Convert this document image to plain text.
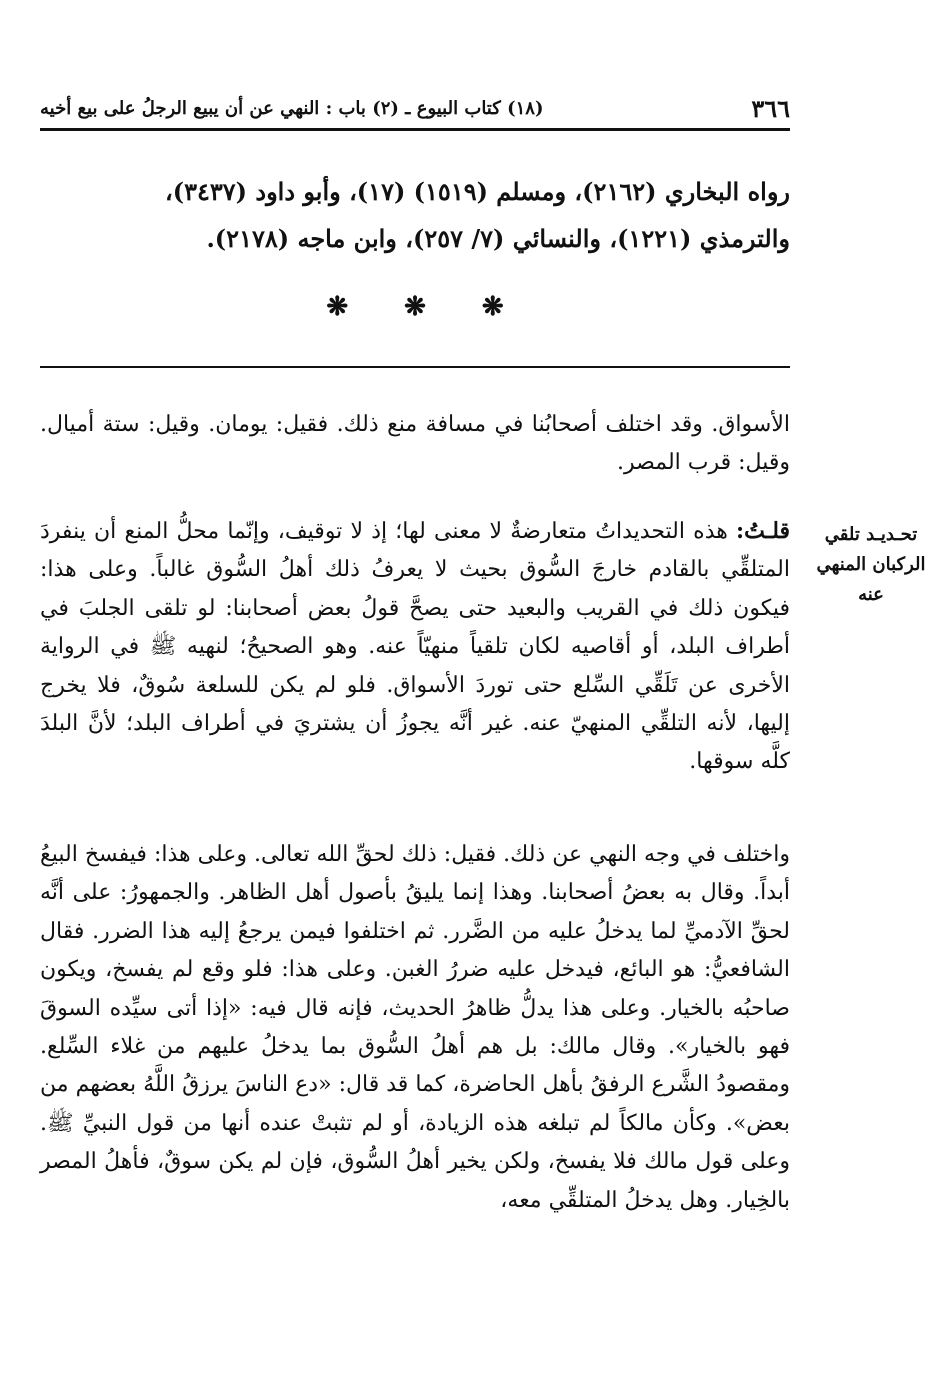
٣٦٦
(١٨) كتاب البيوع ـ (٢) باب : النهي عن أن يبيع الرجلُ على بيع أخيه

رواه البخاري (٢١٦٢)، ومسلم (١٥١٩) (١٧)، وأبو داود (٣٤٣٧)،

والترمذي (١٢٢١)، والنسائي (٧/ ٢٥٧)، وابن ماجه (٢١٧٨).

❋
❋
❋

الأسواق. وقد اختلف أصحابُنا في مسافة منع ذلك. فقيل: يومان. وقيل: ستة أميال. وقيل: قرب المصر.

تحـديـد تلقي الركبان المنهي عنه

قلـتُ: هذه التحديداتُ متعارضةٌ لا معنى لها؛ إذ لا توقيف، وإنّما محلُّ المنع أن ينفردَ المتلقِّي بالقادم خارجَ السُّوق بحيث لا يعرفُ ذلك أهلُ السُّوق غالباً. وعلى هذا: فيكون ذلك في القريب والبعيد حتى يصحَّ قولُ بعض أصحابنا: لو تلقى الجلبَ في أطراف البلد، أو أقاصيه لكان تلقياً منهيّاً عنه. وهو الصحيحُ؛ لنهيه ﷺ في الرواية الأخرى عن تَلَقِّي السِّلع حتى توردَ الأسواق. فلو لم يكن للسلعة سُوقٌ، فلا يخرج إليها، لأنه التلقِّي المنهيّ عنه. غير أنَّه يجوزُ أن يشتريَ في أطراف البلد؛ لأنَّ البلدَ كلَّه سوقها.

واختلف في وجه النهي عن ذلك. فقيل: ذلك لحقِّ الله تعالى. وعلى هذا: فيفسخ البيعُ أبداً. وقال به بعضُ أصحابنا. وهذا إنما يليقُ بأصول أهل الظاهر. والجمهورُ: على أنَّه لحقِّ الآدميِّ لما يدخلُ عليه من الضَّرر. ثم اختلفوا فيمن يرجعُ إليه هذا الضرر. فقال الشافعيُّ: هو البائع، فيدخل عليه ضررُ الغبن. وعلى هذا: فلو وقع لم يفسخ، ويكون صاحبُه بالخيار. وعلى هذا يدلُّ ظاهرُ الحديث، فإنه قال فيه: «إذا أتى سيِّده السوقَ فهو بالخيار». وقال مالك: بل هم أهلُ السُّوق بما يدخلُ عليهم من غلاء السِّلع. ومقصودُ الشَّرع الرفقُ بأهل الحاضرة، كما قد قال: «دع الناسَ يرزقُ اللَّهُ بعضهم من بعض». وكأن مالكاً لم تبلغه هذه الزيادة، أو لم تثبتْ عنده أنها من قول النبيِّ ﷺ. وعلى قول مالك فلا يفسخ، ولكن يخير أهلُ السُّوق، فإن لم يكن سوقٌ، فأهلُ المصر بالخِيار. وهل يدخلُ المتلقِّي معه،
